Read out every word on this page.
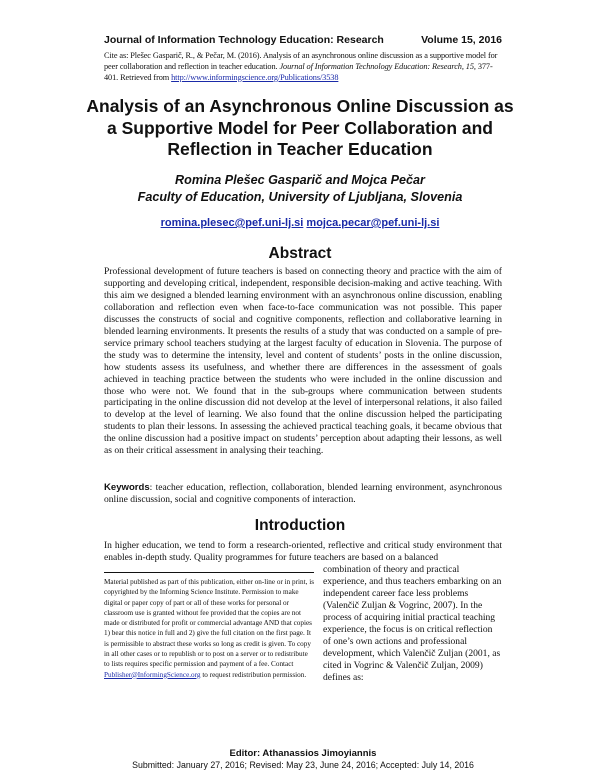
Journal of Information Technology Education: Research	Volume 15, 2016
Cite as: Plešec Gasparič, R., & Pečar, M. (2016). Analysis of an asynchronous online discussion as a supportive model for peer collaboration and reflection in teacher education. Journal of Information Technology Education: Research, 15, 377-401. Retrieved from http://www.informingscience.org/Publications/3538
Analysis of an Asynchronous Online Discussion as a Supportive Model for Peer Collaboration and Reflection in Teacher Education
Romina Plešec Gasparič and Mojca Pečar
Faculty of Education, University of Ljubljana, Slovenia
romina.plesec@pef.uni-lj.si mojca.pecar@pef.uni-lj.si
Abstract

Professional development of future teachers is based on connecting theory and practice with the aim of supporting and developing critical, independent, responsible decision-making and active teaching. With this aim we designed a blended learning environment with an asynchronous online discussion, enabling collaboration and reflection even when face-to-face communication was not possible. This paper discusses the constructs of social and cognitive components, reflection and collaborative learning in blended learning environments. It presents the results of a study that was conducted on a sample of pre-service primary school teachers studying at the largest faculty of education in Slovenia. The purpose of the study was to determine the intensity, level and content of students’ posts in the online discussion, how students assess its usefulness, and whether there are differences in the assessment of goals achieved in teaching practice between the students who were included in the online discussion and those who were not. We found that in the sub-groups where communication between students participating in the online discussion did not develop at the level of interpersonal relations, it also failed to develop at the level of learning. We also found that the online discussion helped the participating students to plan their lessons. In assessing the achieved practical teaching goals, it became obvious that the online discussion had a positive impact on students’ perception about adapting their lessons, as well as on their critical assessment in analysing their teaching.

Keywords: teacher education, reflection, collaboration, blended learning environment, asynchronous online discussion, social and cognitive components of interaction.

Introduction

In higher education, we tend to form a research-oriented, reflective and critical study environment that enables in-depth study. Quality programmes for future teachers are based on a balanced

combination of theory and practical experience, and thus teachers embarking on an independent career face less problems (Valenčič Zuljan & Vogrinc, 2007). In the process of acquiring initial practical teaching experience, the focus is on critical reflection of one’s own actions and professional development, which Valenčič Zuljan (2001, as cited in Vogrinc & Valenčič Zuljan, 2009) defines as:

Material published as part of this publication, either on-line or in print, is copyrighted by the Informing Science Institute. Permission to make digital or paper copy of part or all of these works for personal or classroom use is granted without fee provided that the copies are not made or distributed for profit or commercial advantage AND that copies 1) bear this notice in full and 2) give the full citation on the first page. It is permissible to abstract these works so long as credit is given. To copy in all other cases or to republish or to post on a server or to redistribute to lists requires specific permission and payment of a fee. Contact Publisher@InformingScience.org to request redistribution permission.
Editor: Athanassios Jimoyiannis
Submitted: January 27, 2016; Revised: May 23, June 24, 2016; Accepted: July 14, 2016
